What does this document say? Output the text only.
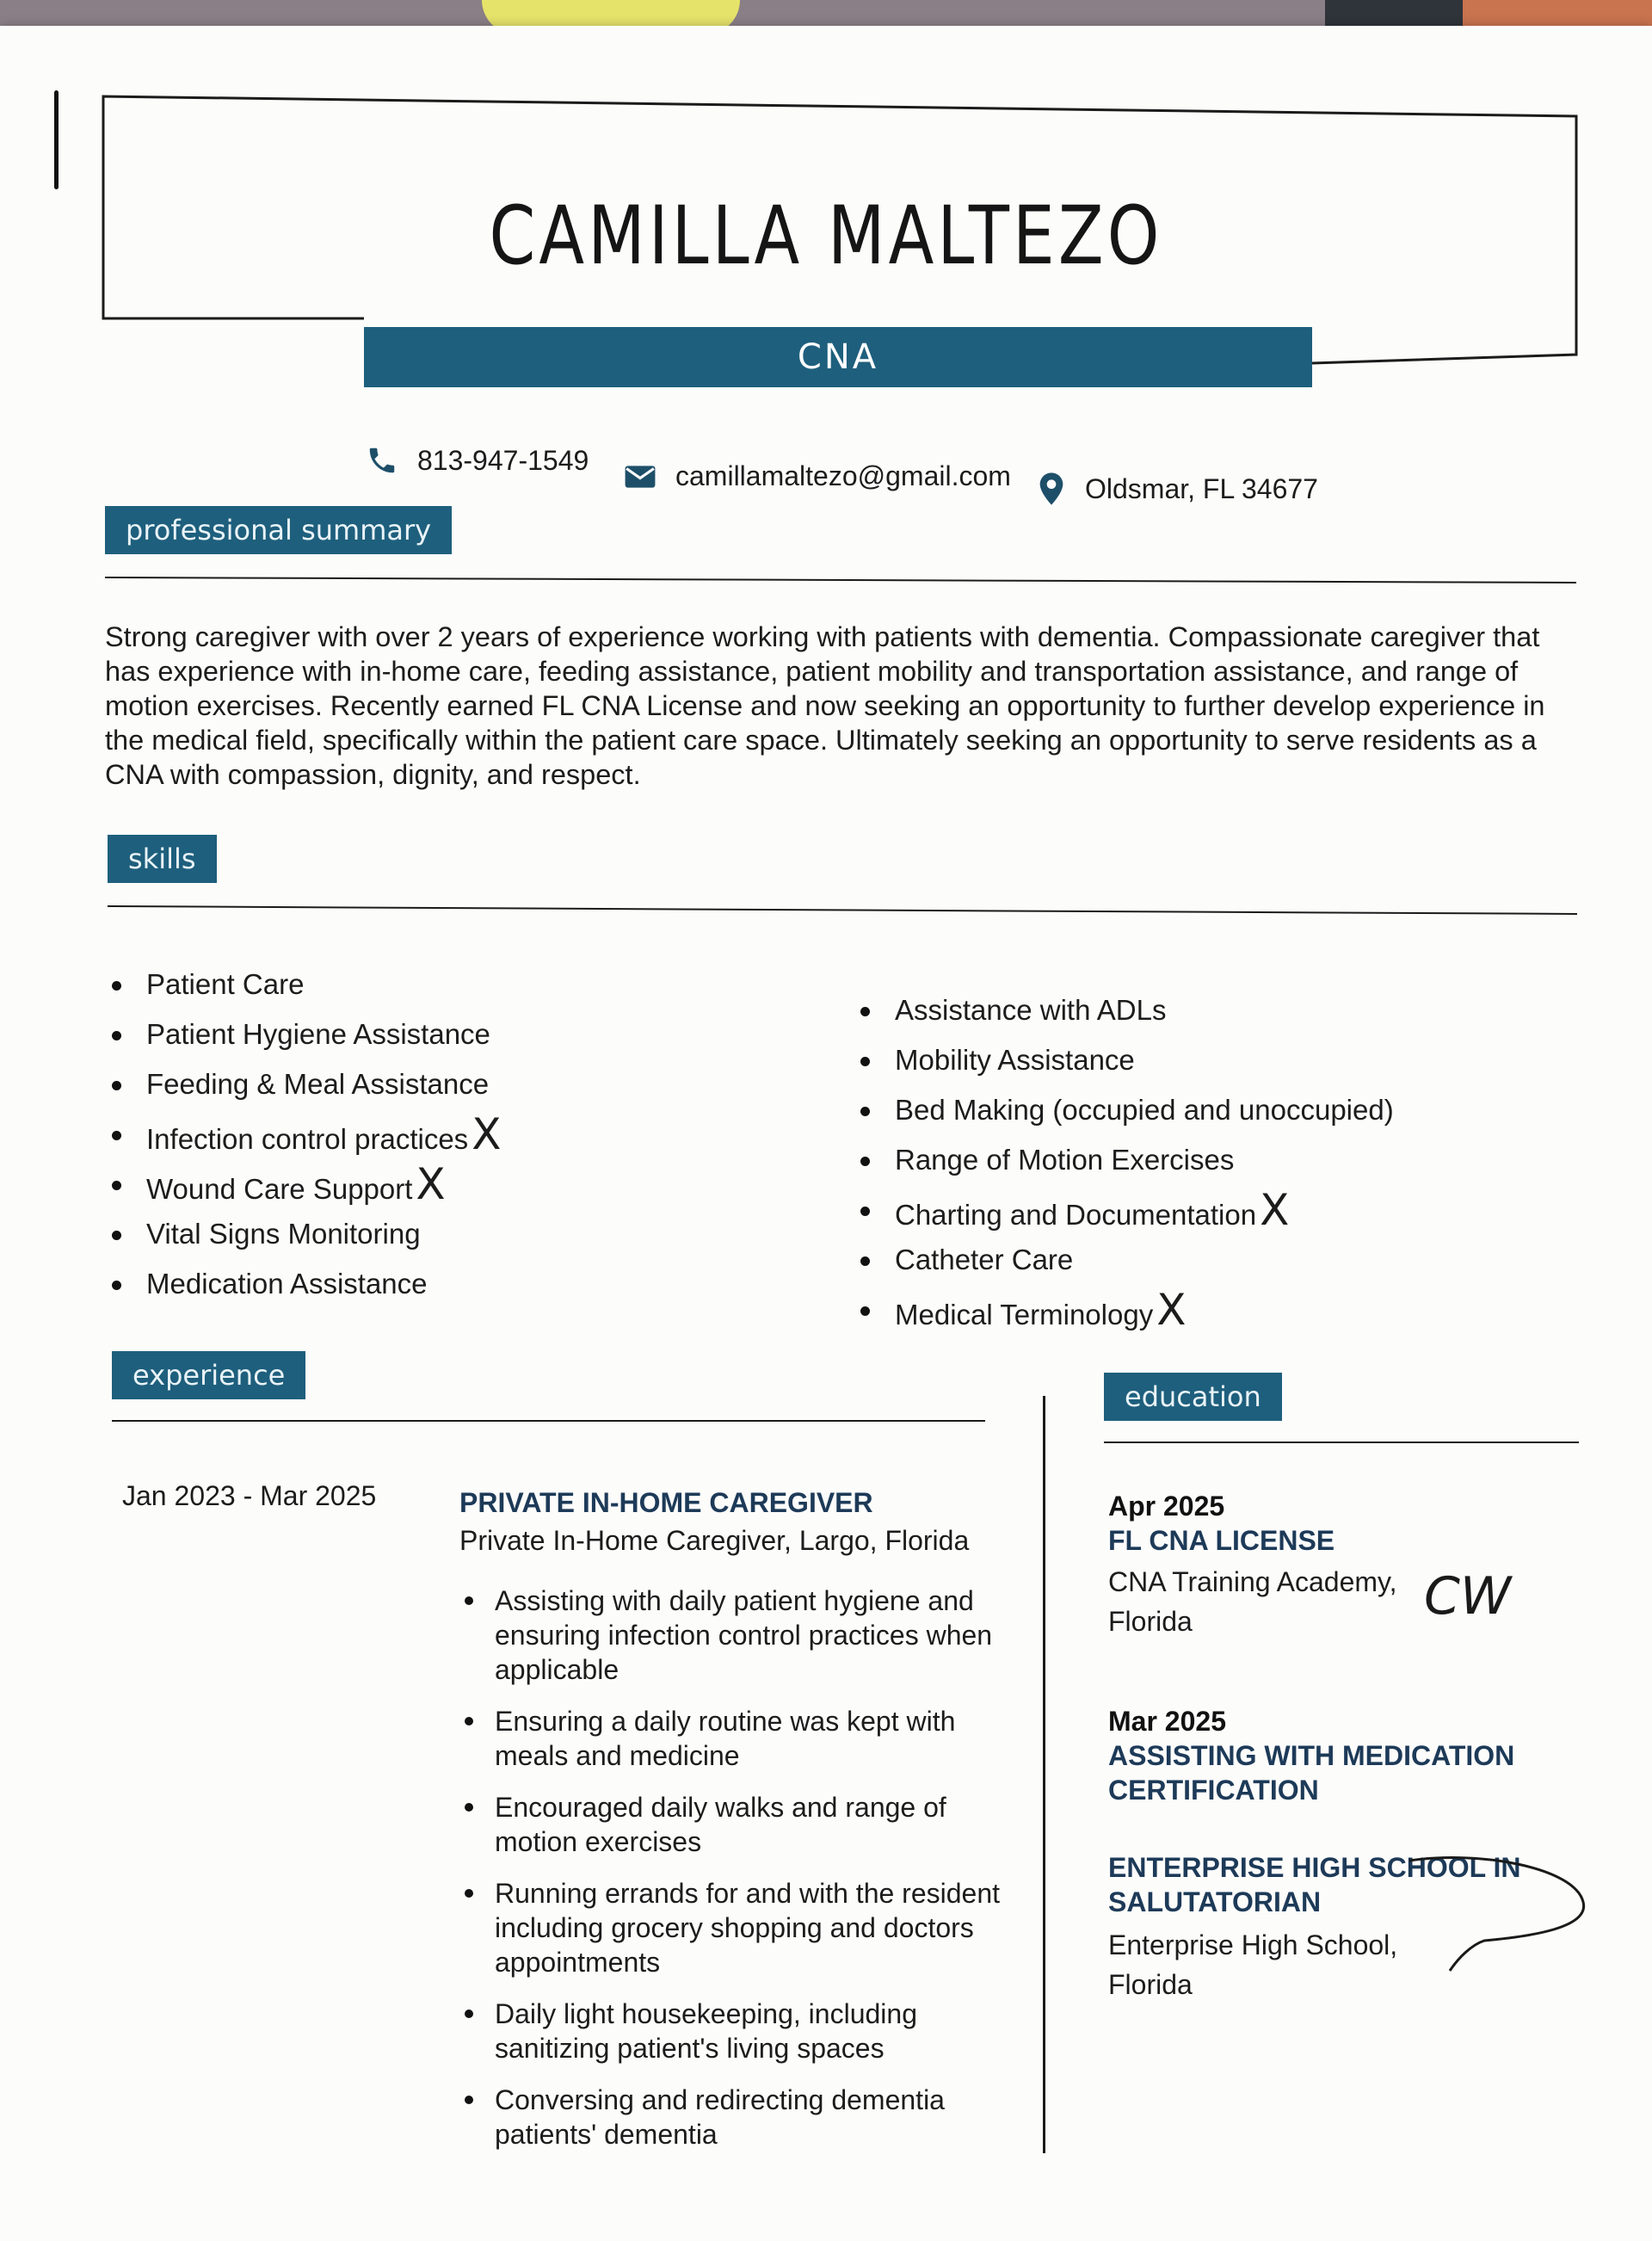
CAMILLA MALTEZO
CNA
813-947-1549
camillamaltezo@gmail.com	Oldsmar, FL 34677
professional summary

Strong caregiver with over 2 years of experience working with patients with dementia. Compassionate caregiver that has experience with in-home care, feeding assistance, patient mobility and transportation assistance, and range of motion exercises. Recently earned FL CNA License and now seeking an opportunity to further develop experience in the medical field, specifically within the patient care space. Ultimately seeking an opportunity to serve residents as a CNA with compassion, dignity, and respect.

skills
Patient Care
Patient Hygiene Assistance
Feeding & Meal Assistance
Infection control practicesX
Wound Care SupportX
Vital Signs Monitoring
Medication Assistance
Assistance with ADLs
Mobility Assistance
Bed Making (occupied and unoccupied)
Range of Motion Exercises
Charting and DocumentationX
Catheter Care
Medical TerminologyX
experience
Jan 2023 - Mar 2025	PRIVATE IN-HOME CAREGIVER
Private In-Home Caregiver, Largo, Florida
Assisting with daily patient hygiene and ensuring infection control practices when applicable
Ensuring a daily routine was kept with meals and medicine
Encouraged daily walks and range of motion exercises
Running errands for and with the resident including grocery shopping and doctors appointments
Daily light housekeeping, including sanitizing patient's living spaces
Conversing and redirecting dementia patients' dementia
education
Apr 2025
FL CNA LICENSE
CNA Training Academy,
Florida	CW
Mar 2025
ASSISTING WITH MEDICATION CERTIFICATION
ENTERPRISE HIGH SCHOOL IN SALUTATORIAN
Enterprise High School,
Florida
